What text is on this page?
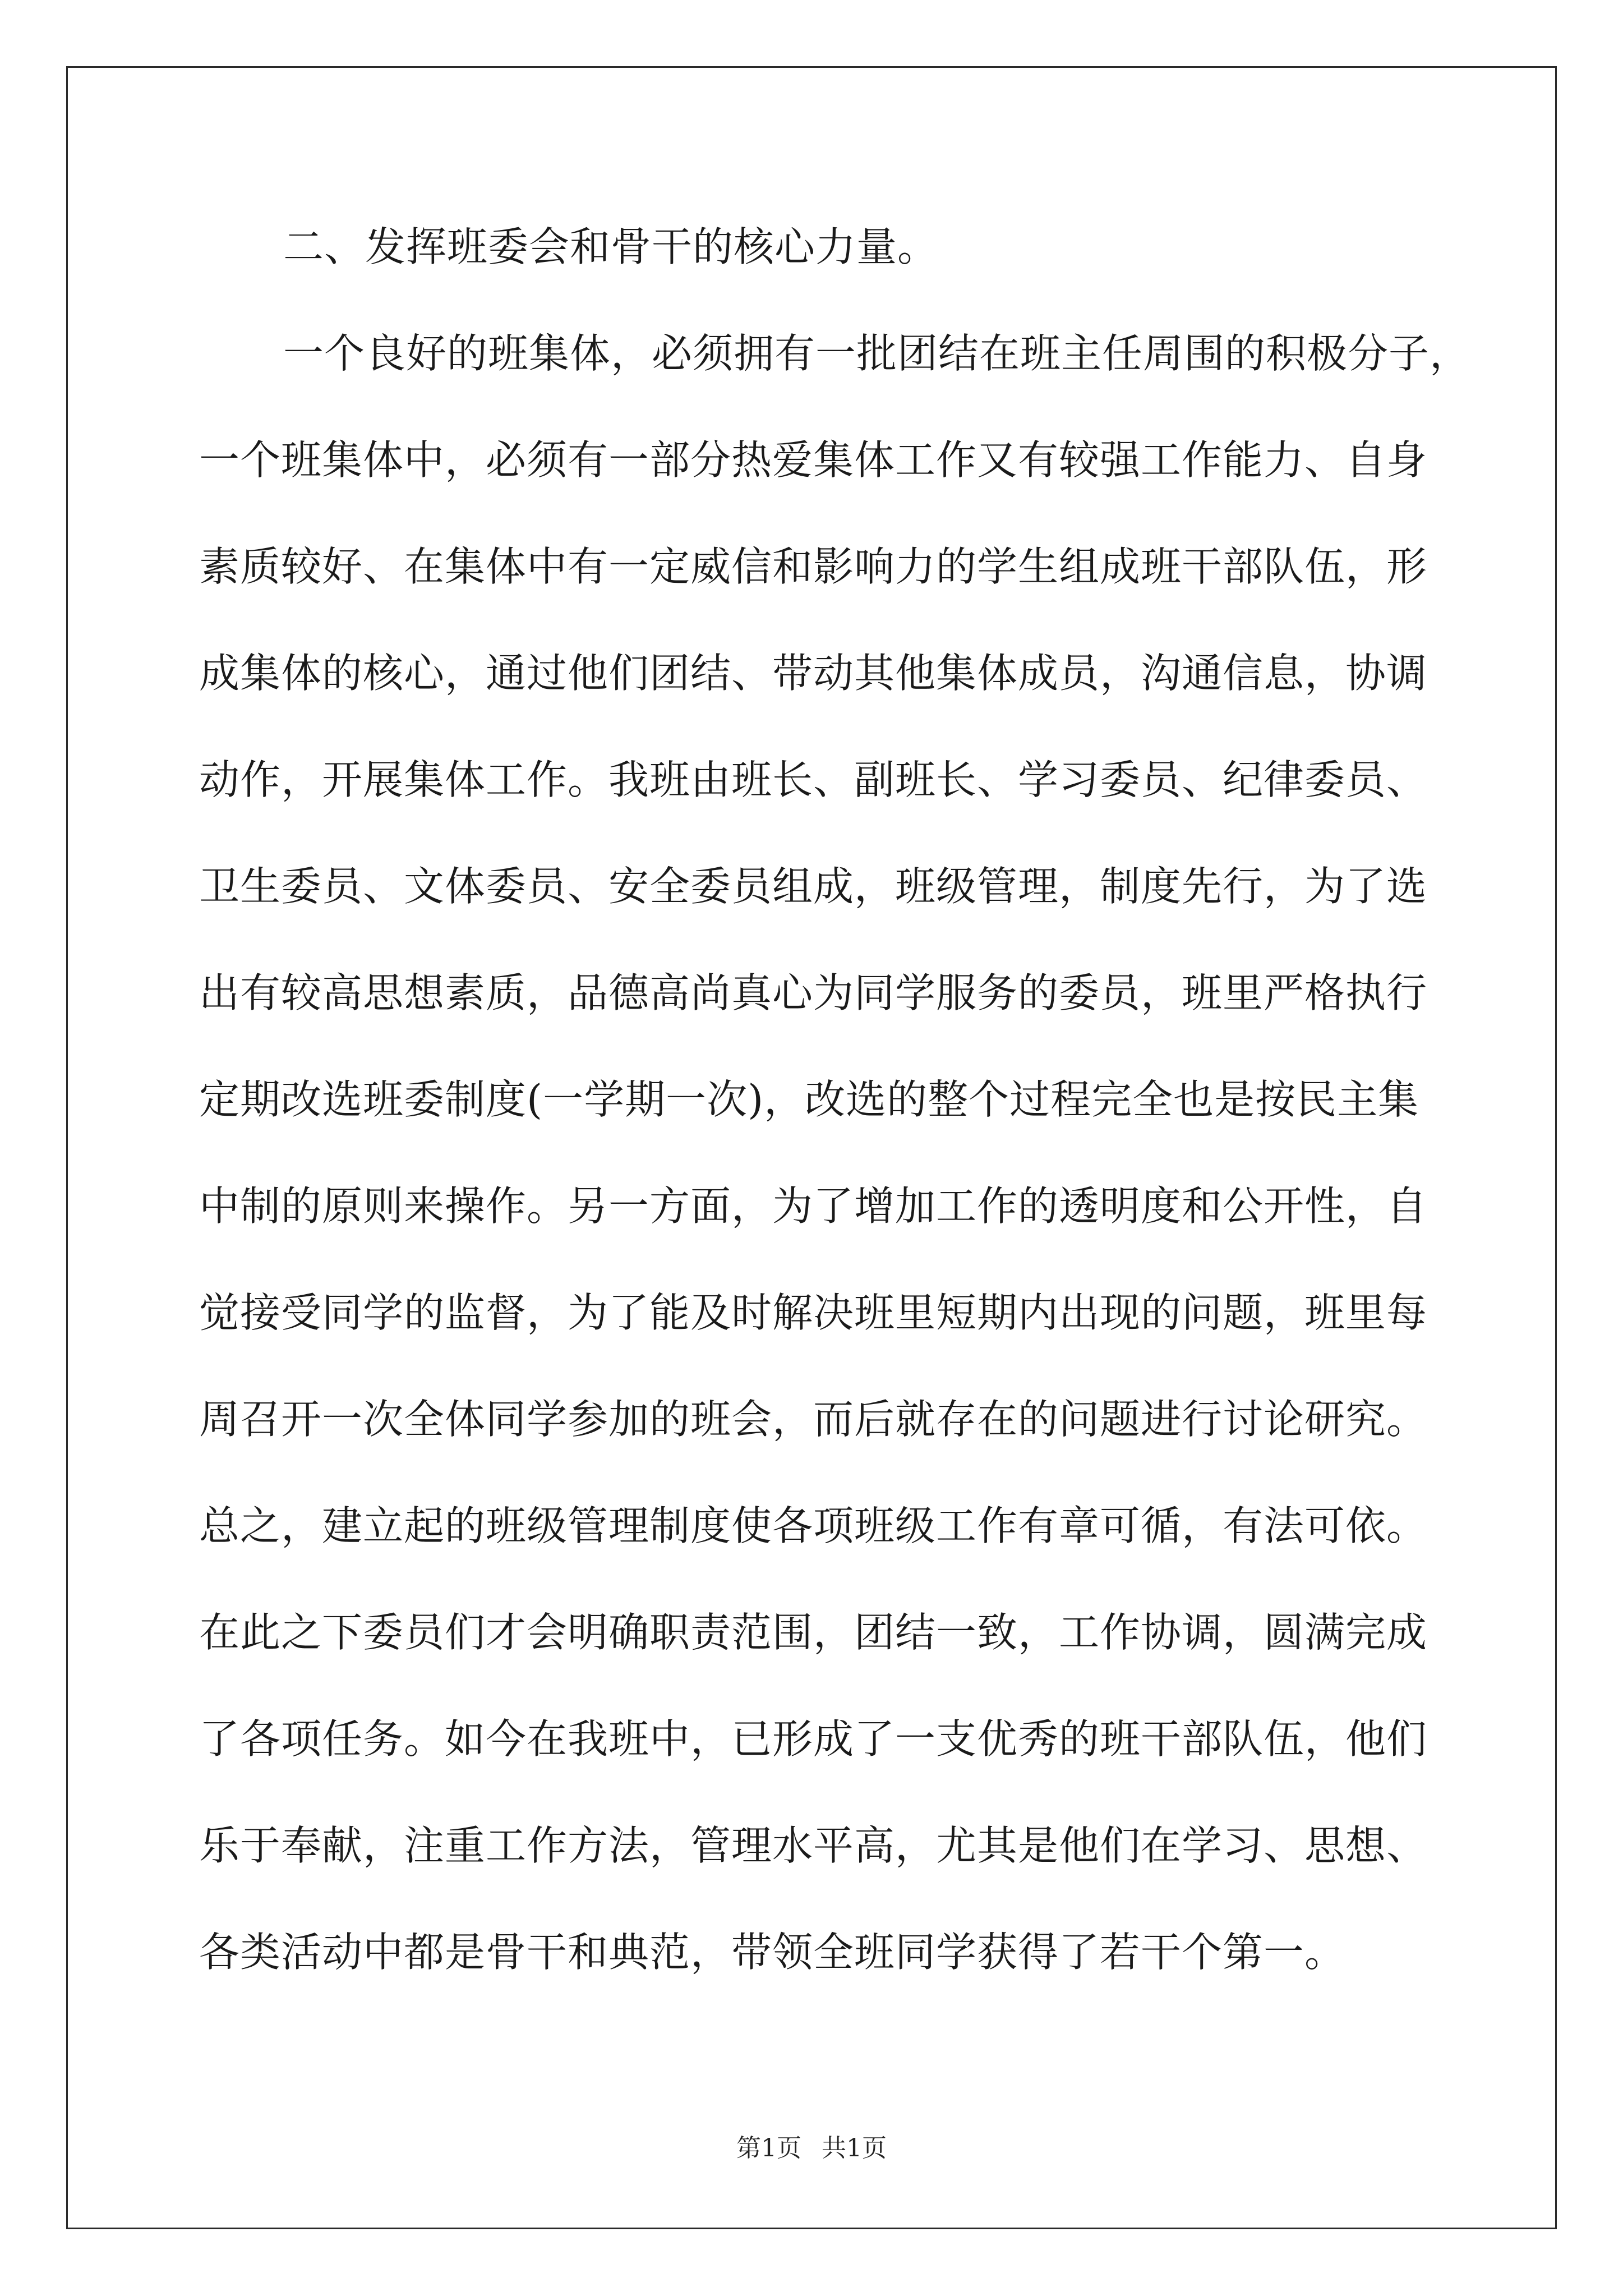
二、发挥班委会和骨干的核心力量。
一个良好的班集体，必须拥有一批团结在班主任周围的积极分子，
一个班集体中，必须有一部分热爱集体工作又有较强工作能力、自身
素质较好、在集体中有一定威信和影响力的学生组成班干部队伍，形
成集体的核心，通过他们团结、带动其他集体成员，沟通信息，协调
动作，开展集体工作。我班由班长、副班长、学习委员、纪律委员、
卫生委员、文体委员、安全委员组成，班级管理，制度先行，为了选
出有较高思想素质，品德高尚真心为同学服务的委员，班里严格执行
定期改选班委制度(一学期一次)，改选的整个过程完全也是按民主集
中制的原则来操作。另一方面，为了增加工作的透明度和公开性，自
觉接受同学的监督，为了能及时解决班里短期内出现的问题，班里每
周召开一次全体同学参加的班会，而后就存在的问题进行讨论研究。
总之，建立起的班级管理制度使各项班级工作有章可循，有法可依。
在此之下委员们才会明确职责范围，团结一致，工作协调，圆满完成
了各项任务。如今在我班中，已形成了一支优秀的班干部队伍，他们
乐于奉献，注重工作方法，管理水平高，尤其是他们在学习、思想、
各类活动中都是骨干和典范，带领全班同学获得了若干个第一。
第1页 共1页
